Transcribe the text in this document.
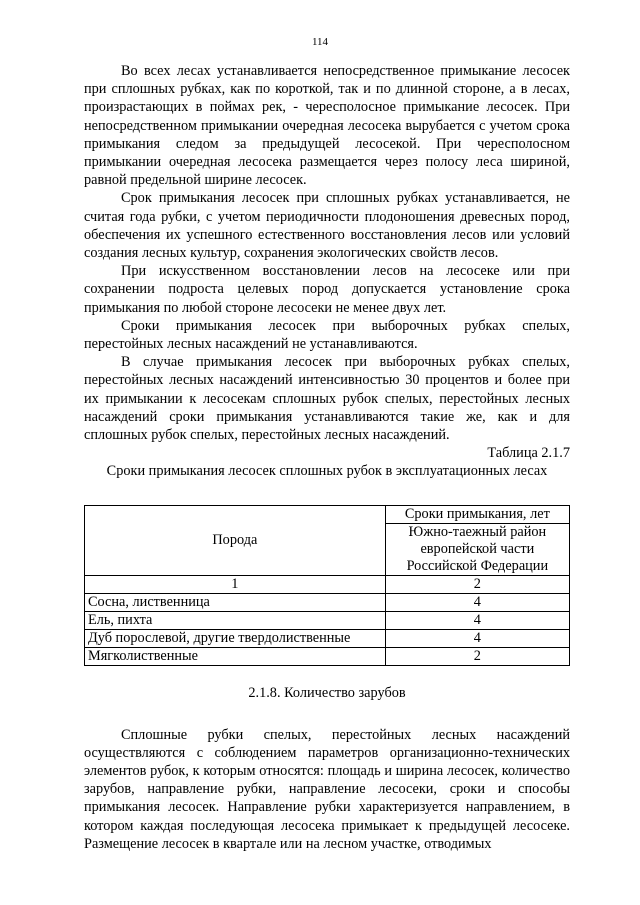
114

Во всех лесах устанавливается непосредственное примыкание лесосек при сплошных рубках, как по короткой, так и по длинной стороне, а в лесах, произрастающих в поймах рек, - чересполосное примыкание лесосек. При непосредственном примыкании очередная лесосека вырубается с учетом срока примыкания следом за предыдущей лесосекой. При чересполосном примыкании очередная лесосека размещается через полосу леса шириной, равной предельной ширине лесосек.

Срок примыкания лесосек при сплошных рубках устанавливается, не считая года рубки, с учетом периодичности плодоношения древесных пород, обеспечения их успешного естественного восстановления лесов или условий создания лесных культур, сохранения экологических свойств лесов.

При искусственном восстановлении лесов на лесосеке или при сохранении подроста целевых пород допускается установление срока примыкания по любой стороне лесосеки не менее двух лет.

Сроки примыкания лесосек при выборочных рубках спелых, перестойных лесных насаждений не устанавливаются.

В случае примыкания лесосек при выборочных рубках спелых, перестойных лесных насаждений интенсивностью 30 процентов и более при их примыкании к лесосекам сплошных рубок спелых, перестойных лесных насаждений сроки примыкания устанавливаются такие же, как и для сплошных рубок спелых, перестойных лесных насаждений.

Таблица 2.1.7

Сроки примыкания лесосек сплошных рубок в эксплуатационных лесах

Порода	Сроки примыкания, лет
	Южно-таежный район европейской части Российской Федерации
1	2
Сосна, лиственница	4
Ель, пихта	4
Дуб порослевой, другие твердолиственные	4
Мягколиственные	2
2.1.8. Количество зарубов

Сплошные рубки спелых, перестойных лесных насаждений осуществляются с соблюдением параметров организационно-технических элементов рубок, к которым относятся: площадь и ширина лесосек, количество зарубов, направление рубки, направление лесосеки, сроки и способы примыкания лесосек. Направление рубки характеризуется направлением, в котором каждая последующая лесосека примыкает к предыдущей лесосеке. Размещение лесосек в квартале или на лесном участке, отводимых
